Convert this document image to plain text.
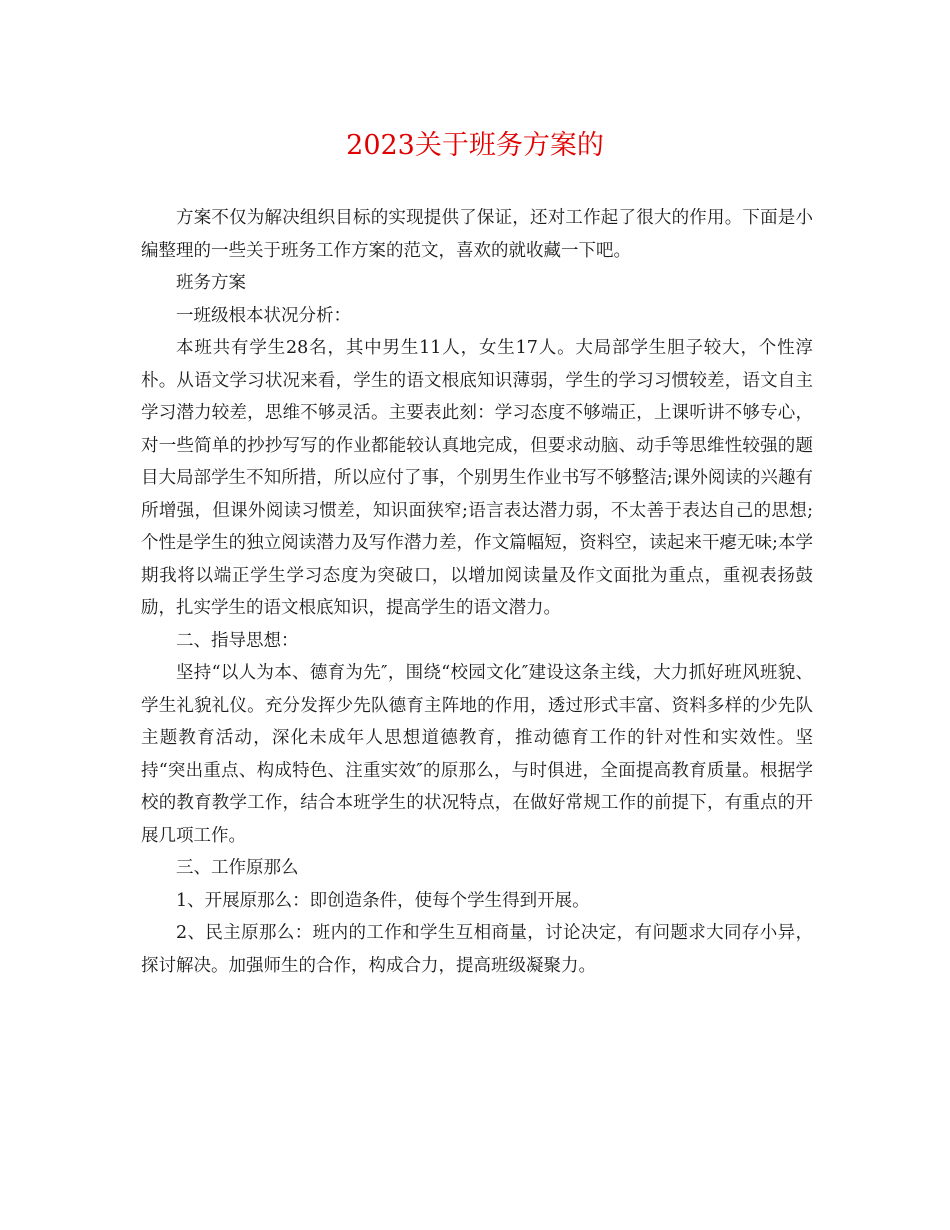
2023关于班务方案的

方案不仅为解决组织目标的实现提供了保证，还对工作起了很大的作用。下面是小编整理的一些关于班务工作方案的范文，喜欢的就收藏一下吧。

班务方案

一班级根本状况分析：

本班共有学生28名，其中男生11人，女生17人。大局部学生胆子较大，个性淳朴。从语文学习状况来看，学生的语文根底知识薄弱，学生的学习习惯较差，语文自主学习潜力较差，思维不够灵活。主要表此刻：学习态度不够端正，上课听讲不够专心，对一些简单的抄抄写写的作业都能较认真地完成，但要求动脑、动手等思维性较强的题目大局部学生不知所措，所以应付了事，个别男生作业书写不够整洁;课外阅读的兴趣有所增强，但课外阅读习惯差，知识面狭窄;语言表达潜力弱，不太善于表达自己的思想;个性是学生的独立阅读潜力及写作潜力差，作文篇幅短，资料空，读起来干瘪无味;本学期我将以端正学生学习态度为突破口，以增加阅读量及作文面批为重点，重视表扬鼓励，扎实学生的语文根底知识，提高学生的语文潜力。

二、指导思想：

坚持“以人为本、德育为先″，围绕“校园文化″建设这条主线，大力抓好班风班貌、学生礼貌礼仪。充分发挥少先队德育主阵地的作用，透过形式丰富、资料多样的少先队主题教育活动，深化未成年人思想道德教育，推动德育工作的针对性和实效性。坚持“突出重点、构成特色、注重实效″的原那么，与时俱进，全面提高教育质量。根据学校的教育教学工作，结合本班学生的状况特点，在做好常规工作的前提下，有重点的开展几项工作。

三、工作原那么

1、开展原那么：即创造条件，使每个学生得到开展。

2、民主原那么：班内的工作和学生互相商量，讨论决定，有问题求大同存小异，探讨解决。加强师生的合作，构成合力，提高班级凝聚力。
